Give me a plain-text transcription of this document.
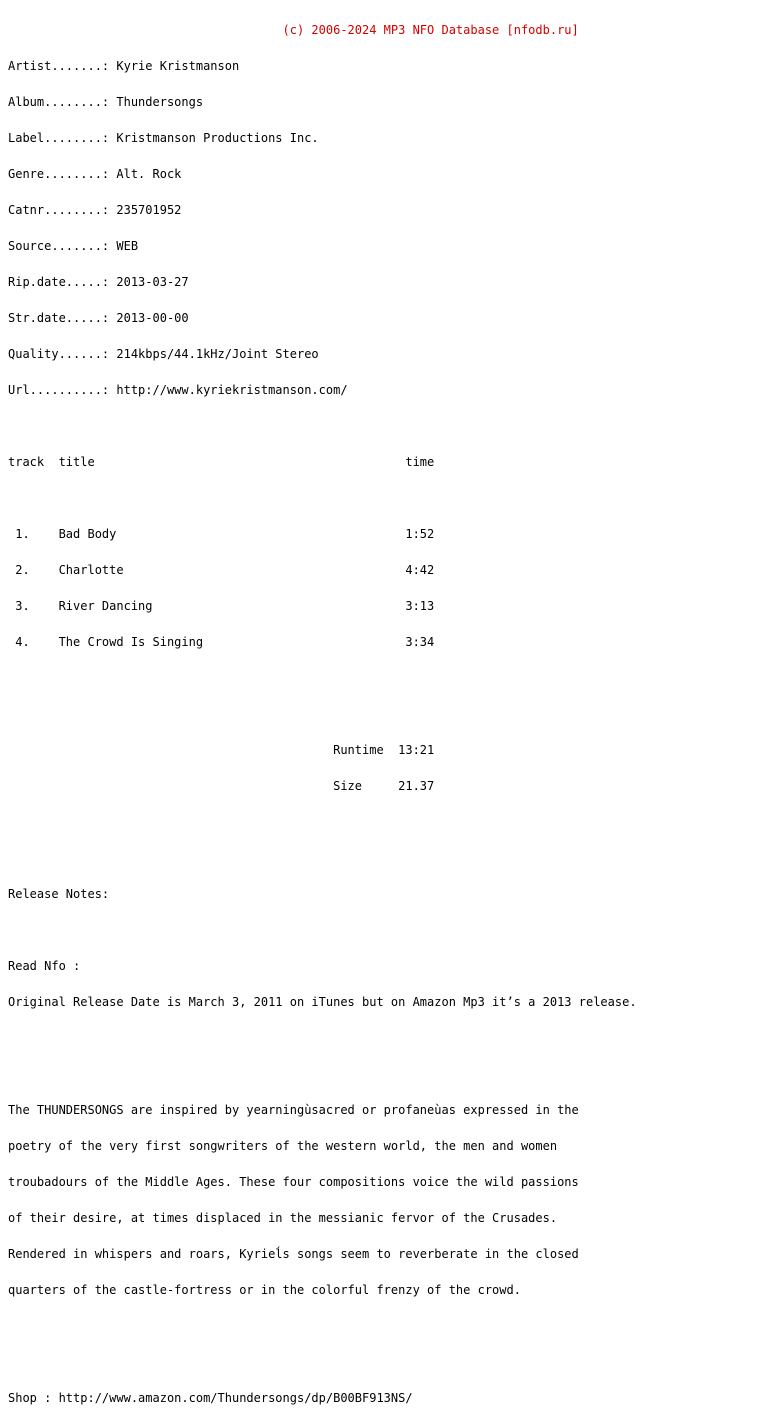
(c) 2006-2024 MP3 NFO Database [nfodb.ru]

Artist.......: Kyrie Kristmanson

Album........: Thundersongs

Label........: Kristmanson Productions Inc.

Genre........: Alt. Rock

Catnr........: 235701952

Source.......: WEB

Rip.date.....: 2013-03-27

Str.date.....: 2013-00-00

Quality......: 214kbps/44.1kHz/Joint Stereo

Url..........: http://www.kyriekristmanson.com/

track  title                                           time

1.    Bad Body                                        1:52

2.    Charlotte                                       4:42

3.    River Dancing                                   3:13

4.    The Crowd Is Singing                            3:34

Runtime  13:21

Size     21.37

Release Notes:

Read Nfo :

Original Release Date is March 3, 2011 on iTunes but on Amazon Mp3 it’s a 2013 release.

The THUNDERSONGS are inspired by yearningùsacred or profaneùas expressed in the

poetry of the very first songwriters of the western world, the men and women

troubadours of the Middle Ages. These four compositions voice the wild passions

of their desire, at times displaced in the messianic fervor of the Crusades.

Rendered in whispers and roars, Kyrieĺs songs seem to reverberate in the closed

quarters of the castle-fortress or in the colorful frenzy of the crowd.

Shop : http://www.amazon.com/Thundersongs/dp/B00BF913NS/
